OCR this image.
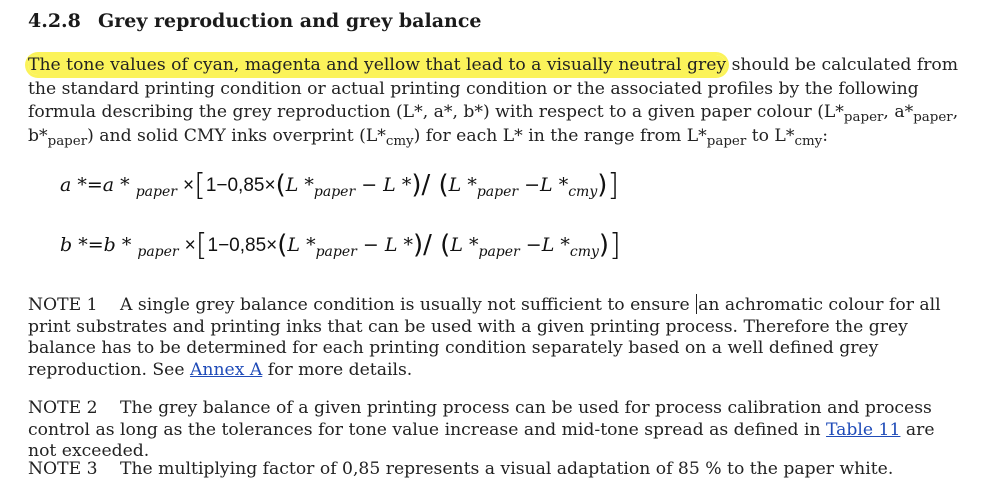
4.2.8 Grey reproduction and grey balance
The tone values of cyan, magenta and yellow that lead to a visually neutral grey should be calculated from the standard printing condition or actual printing condition or the associated profiles by the following formula describing the grey reproduction (L*, a*, b*) with respect to a given paper colour ($L*_{paper}$, $a*_{paper}$, $b*_{paper}$) and solid CMY inks overprint $(L*_{cmy})$ for each L* in the range from $L*_{paper}$ to $L*_{cmy}$:
a *=a * $_{paper}$ ×[1−0,85×(L $*_{paper} - L$ *)/ (L $*_{paper} -L$ $*_{cmy}$)]
b *=b * $_{paper}$ ×[1−0,85×(L $*_{paper} - L$ *)/ (L $*_{paper} -L$ $*_{cmy}$)]
NOTE 1 A single grey balance condition is usually not sufficient to ensure an achromatic colour for all print substrates and printing inks that can be used with a given printing process. Therefore the grey balance has to be determined for each printing condition separately based on a well defined grey reproduction. See Annex A for more details.
NOTE 2 The grey balance of a given printing process can be used for process calibration and process control as long as the tolerances for tone value increase and mid-tone spread as defined in Table 11 are not exceeded.
NOTE 3 The multiplying factor of 0,85 represents a visual adaptation of 85 % to the paper white.
